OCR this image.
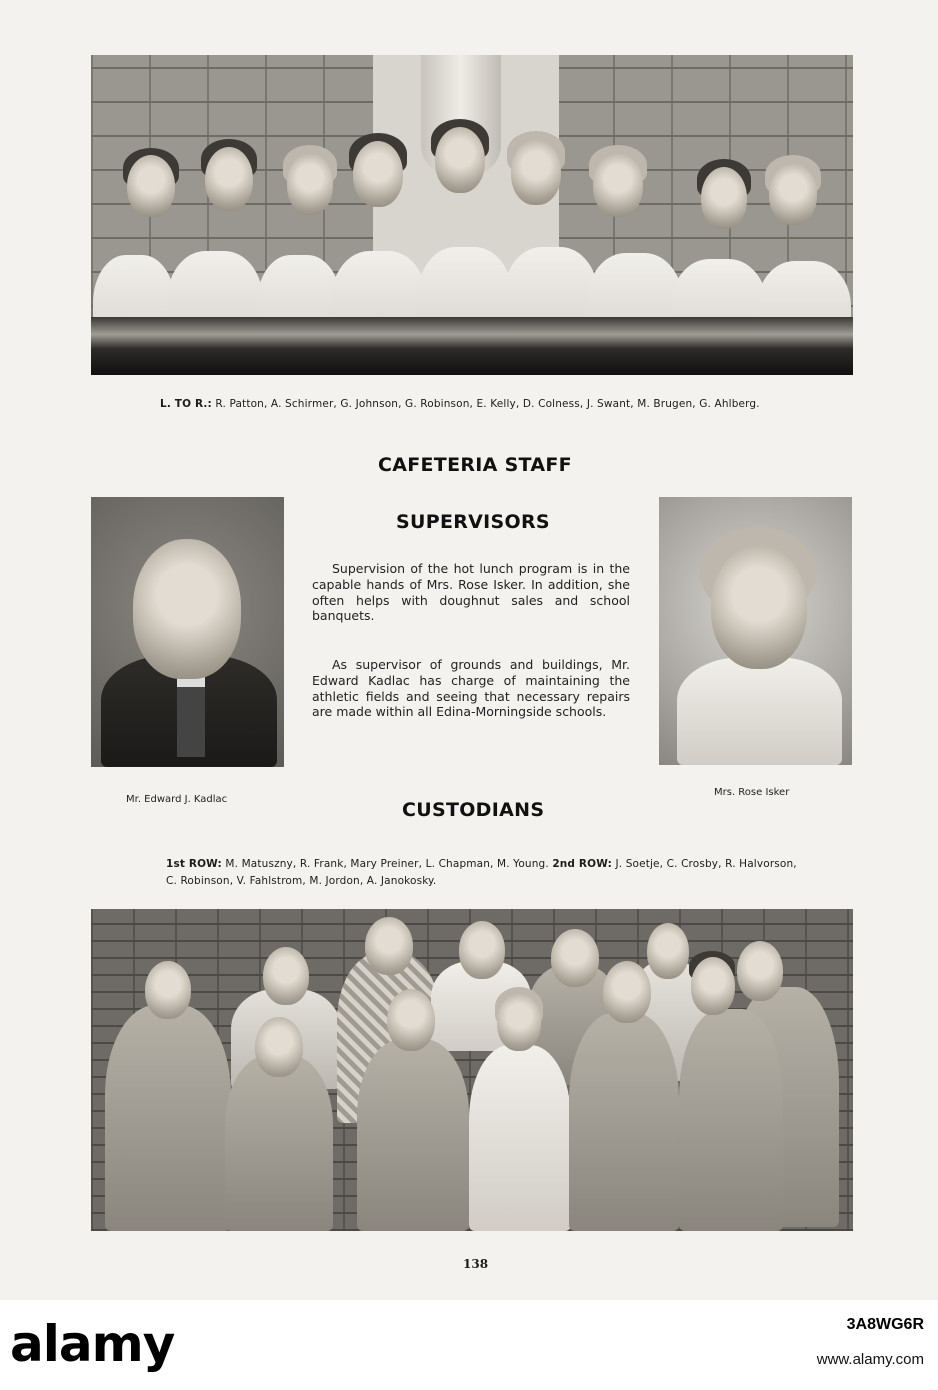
L. TO R.: R. Patton, A. Schirmer, G. Johnson, G. Robinson, E. Kelly, D. Colness, J. Swant, M. Brugen, G. Ahlberg.
CAFETERIA STAFF
SUPERVISORS
Supervision of the hot lunch program is in the capable hands of Mrs. Rose Isker. In addition, she often helps with doughnut sales and school banquets.
As supervisor of grounds and buildings, Mr. Edward Kadlac has charge of maintaining the athletic fields and seeing that necessary repairs are made within all Edina-Morningside schools.
Mr. Edward J. Kadlac
Mrs. Rose Isker
CUSTODIANS
1st ROW: M. Matuszny, R. Frank, Mary Preiner, L. Chapman, M. Young. 2nd ROW: J. Soetje, C. Crosby, R. Halvorson, C. Robinson, V. Fahlstrom, M. Jordon, A. Janokosky.
138
alamy	3A8WG6R
www.alamy.com
